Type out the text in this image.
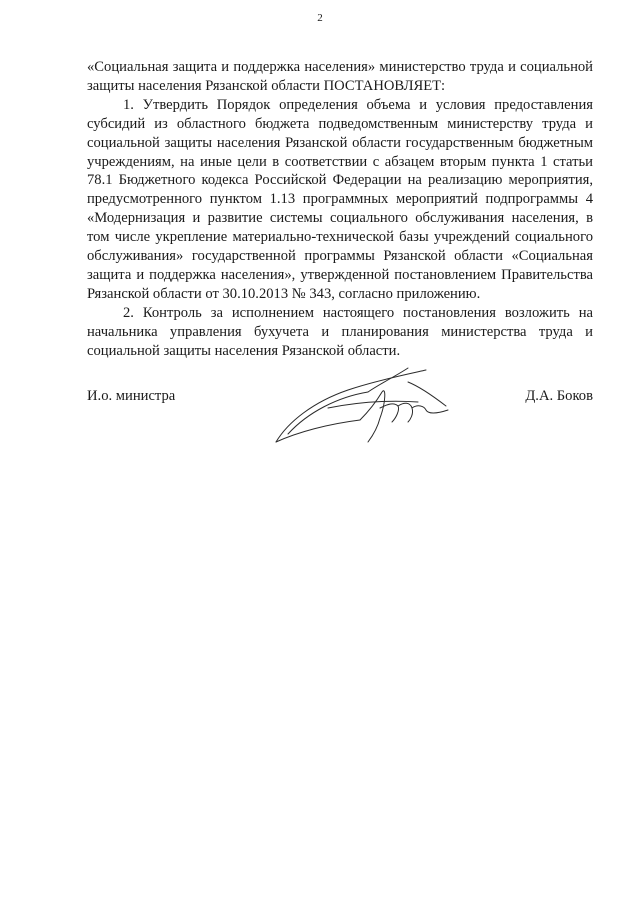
2

«Социальная защита и поддержка населения» министерство труда и социальной защиты населения Рязанской области ПОСТАНОВЛЯЕТ:

1. Утвердить Порядок определения объема и условия предоставления субсидий из областного бюджета подведомственным министерству труда и социальной защиты населения Рязанской области государственным бюджетным учреждениям, на иные цели в соответствии с абзацем вторым пункта 1 статьи 78.1 Бюджетного кодекса Российской Федерации на реализацию мероприятия, предусмотренного пунктом 1.13 программных мероприятий подпрограммы 4 «Модернизация и развитие системы социального обслуживания населения, в том числе укрепление материально-технической базы учреждений социального обслуживания» государственной программы Рязанской области «Социальная защита и поддержка населения», утвержденной постановлением Правительства Рязанской области от 30.10.2013 № 343, согласно приложению.

2. Контроль за исполнением настоящего постановления возложить на начальника управления бухучета и планирования министерства труда и социальной защиты населения Рязанской области.

И.о. министра	Д.А. Боков
